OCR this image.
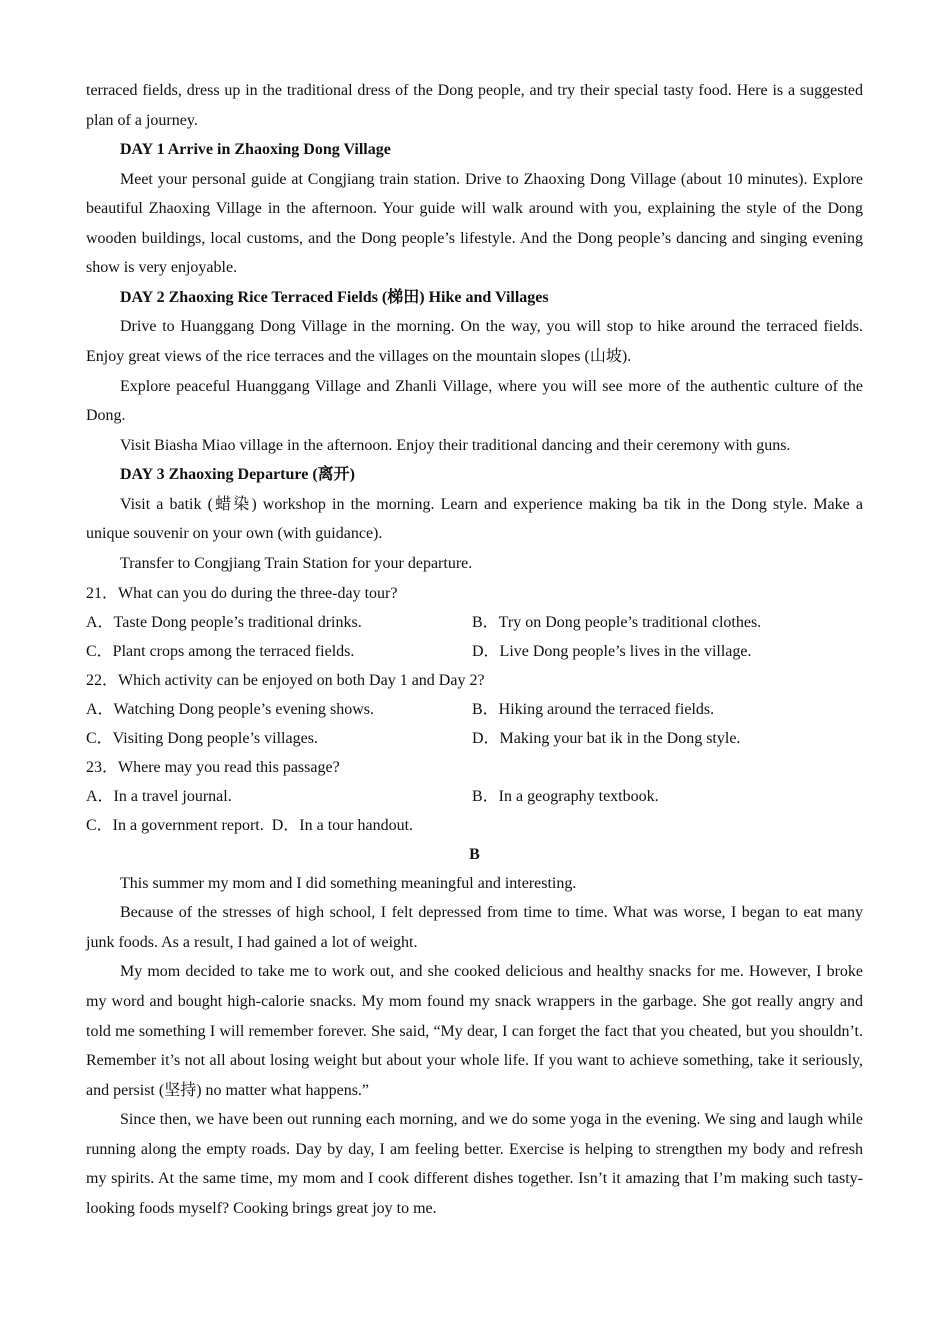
terraced fields, dress up in the traditional dress of the Dong people, and try their special tasty food. Here is a suggested plan of a journey.

DAY 1 Arrive in Zhaoxing Dong Village

Meet your personal guide at Congjiang train station. Drive to Zhaoxing Dong Village (about 10 minutes). Explore beautiful Zhaoxing Village in the afternoon. Your guide will walk around with you, explaining the style of the Dong wooden buildings, local customs, and the Dong people’s lifestyle. And the Dong people’s dancing and singing evening show is very enjoyable.

DAY 2 Zhaoxing Rice Terraced Fields (梯田) Hike and Villages

Drive to Huanggang Dong Village in the morning. On the way, you will stop to hike around the terraced fields. Enjoy great views of the rice terraces and the villages on the mountain slopes (山坡).

Explore peaceful Huanggang Village and Zhanli Village, where you will see more of the authentic culture of the Dong.

Visit Biasha Miao village in the afternoon. Enjoy their traditional dancing and their ceremony with guns.

DAY 3 Zhaoxing Departure (离开)

Visit a batik (蜡染) workshop in the morning. Learn and experience making ba tik in the Dong style. Make a unique souvenir on your own (with guidance).

Transfer to Congjiang Train Station for your departure.

21．What can you do during the three-day tour?

A．Taste Dong people’s traditional drinks.	B．Try on Dong people’s traditional clothes.
C．Plant crops among the terraced fields.	D．Live Dong people’s lives in the village.

22．Which activity can be enjoyed on both Day 1 and Day 2?

A．Watching Dong people’s evening shows.	B．Hiking around the terraced fields.
C．Visiting Dong people’s villages.	D．Making your bat ik in the Dong style.

23．Where may you read this passage?

A．In a travel journal.	B．In a geography textbook.

C．In a government report. D．In a tour handout.

B

This summer my mom and I did something meaningful and interesting.

Because of the stresses of high school, I felt depressed from time to time. What was worse, I began to eat many junk foods. As a result, I had gained a lot of weight.

My mom decided to take me to work out, and she cooked delicious and healthy snacks for me. However, I broke my word and bought high-calorie snacks. My mom found my snack wrappers in the garbage. She got really angry and told me something I will remember forever. She said, “My dear, I can forget the fact that you cheated, but you shouldn’t. Remember it’s not all about losing weight but about your whole life. If you want to achieve something, take it seriously, and persist (坚持) no matter what happens.”

Since then, we have been out running each morning, and we do some yoga in the evening. We sing and laugh while running along the empty roads. Day by day, I am feeling better. Exercise is helping to strengthen my body and refresh my spirits. At the same time, my mom and I cook different dishes together. Isn’t it amazing that I’m making such tasty-looking foods myself? Cooking brings great joy to me.
